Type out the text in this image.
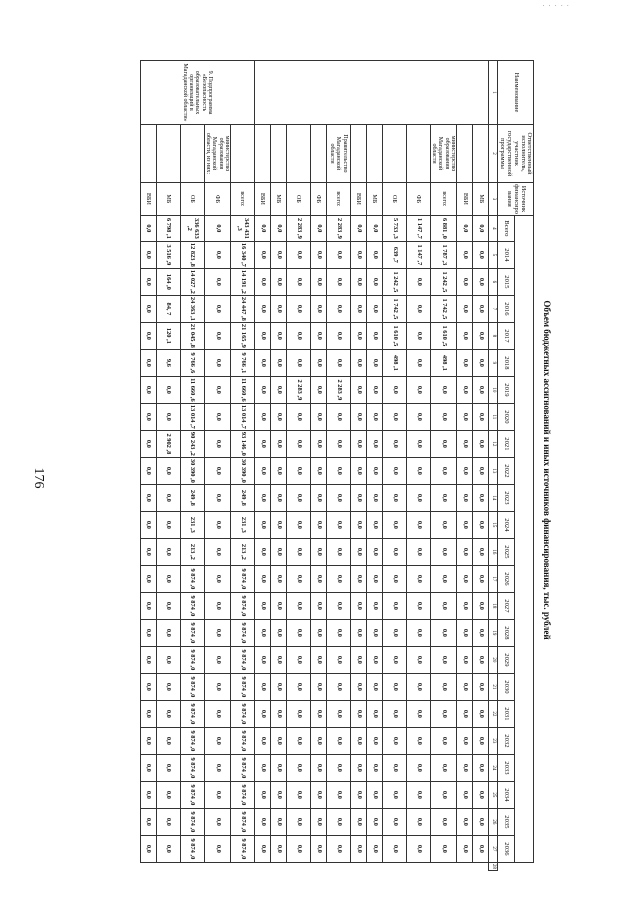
· · · · ·
176	Объем бюджетных ассигнований и иных источников финансирования, тыс. рублей
Наименование	Ответственный исполнитель, участник государственной программы	Источник финансиро вания																									
			Всего	2014	2015	2016	2017	2018	2019	2020	2021	2022	2023	2024	2025	2026	2027	2028	2029	2030	2031	2032	2033	2034	2035	2036	
1	2	3	4	5	6	7	8	9	10	11	12	13	14	15	16	17	18	19	20	21	22	23	24	25	26	27	28
		МБ	0,0	0,0	0,0	0,0	0,0	0,0	0,0	0,0	0,0	0,0	0,0	0,0	0,0	0,0	0,0	0,0	0,0	0,0	0,0	0,0	0,0	0,0	0,0	0,0	
		ВБИ	0,0	0,0	0,0	0,0	0,0	0,0	0,0	0,0	0,0	0,0	0,0	0,0	0,0	0,0	0,0	0,0	0,0	0,0	0,0	0,0	0,0	0,0	0,0	0,0	
	министерство образования Магаданской области	всего:	6 881 ,0	1 787 ,3	1 242 ,5	1 742 ,5	1 610 ,5	498 ,1	0,0	0,0	0,0	0,0	0,0	0,0	0,0	0,0	0,0	0,0	0,0	0,0	0,0	0,0	0,0	0,0	0,0	0,0	
		ФБ	1 147 ,7	1 147 ,7	0,0	0,0	0,0	0,0	0,0	0,0	0,0	0,0	0,0	0,0	0,0	0,0	0,0	0,0	0,0	0,0	0,0	0,0	0,0	0,0	0,0	0,0	
		ОБ	5 733 ,3	639 ,7	1 242 ,5	1 742 ,5	1 610 ,5	498 ,1	0,0	0,0	0,0	0,0	0,0	0,0	0,0	0,0	0,0	0,0	0,0	0,0	0,0	0,0	0,0	0,0	0,0	0,0	
		МБ	0,0	0,0	0,0	0,0	0,0	0,0	0,0	0,0	0,0	0,0	0,0	0,0	0,0	0,0	0,0	0,0	0,0	0,0	0,0	0,0	0,0	0,0	0,0	0,0	
		ВБИ	0,0	0,0	0,0	0,0	0,0	0,0	0,0	0,0	0,0	0,0	0,0	0,0	0,0	0,0	0,0	0,0	0,0	0,0	0,0	0,0	0,0	0,0	0,0	0,0	
	Правительство Магаданской области	всего:	2 283 ,9	0,0	0,0	0,0	0,0	0,0	2 283 ,9	0,0	0,0	0,0	0,0	0,0	0,0	0,0	0,0	0,0	0,0	0,0	0,0	0,0	0,0	0,0	0,0	0,0	
		ФБ	0,0	0,0	0,0	0,0	0,0	0,0	0,0	0,0	0,0	0,0	0,0	0,0	0,0	0,0	0,0	0,0	0,0	0,0	0,0	0,0	0,0	0,0	0,0	0,0	
		ОБ	2 283 ,9	0,0	0,0	0,0	0,0	0,0	2 283 ,9	0,0	0,0	0,0	0,0	0,0	0,0	0,0	0,0	0,0	0,0	0,0	0,0	0,0	0,0	0,0	0,0	0,0	
		МБ	0,0	0,0	0,0	0,0	0,0	0,0	0,0	0,0	0,0	0,0	0,0	0,0	0,0	0,0	0,0	0,0	0,0	0,0	0,0	0,0	0,0	0,0	0,0	0,0	
		ВБИ	0,0	0,0	0,0	0,0	0,0	0,0	0,0	0,0	0,0	0,0	0,0	0,0	0,0	0,0	0,0	0,0	0,0	0,0	0,0	0,0	0,0	0,0	0,0	0,0	
9. Подпрограмма «Безопасность образовательных организаций в Магаданской области»		всего:	343 431 ,3	16 340 ,7	14 191 ,2	24 447 ,8	21 165 ,9	9 766 ,1	11 660 ,6	13 014 ,7	93 146 ,0	30 390 ,0	249 ,8	231 ,3	213 ,2	9 874 ,0	9 874 ,0	9 874 ,0	9 874 ,0	9 874 ,0	9 874 ,0	9 874 ,0	9 874 ,0	9 874 ,0	9 874 ,0	9 874 ,0	
	министерство образования Магаданской области, из них:	ФБ	0,0	0,0	0,0	0,0	0,0	0,0	0,0	0,0	0,0	0,0	0,0	0,0	0,0	0,0	0,0	0,0	0,0	0,0	0,0	0,0	0,0	0,0	0,0	0,0	
		ОБ	336 633 ,2	12 823 ,8	14 027 ,2	24 363 ,1	21 045 ,8	9 766 ,6	11 660 ,6	13 014 ,7	90 243 ,2	30 390 ,0	249 ,8	231 ,3	213 ,2	9 874 ,0	9 874 ,0	9 874 ,0	9 874 ,0	9 874 ,0	9 874 ,0	9 874 ,0	9 874 ,0	9 874 ,0	9 874 ,0	9 874 ,0	
		МБ	6 798 ,1	3 516 ,9	164 ,0	84, 7	120 ,1	9,6	0,0	0,0	2 902 ,8	0,0	0,0	0,0	0,0	0,0	0,0	0,0	0,0	0,0	0,0	0,0	0,0	0,0	0,0	0,0	
		ВБИ	0,0	0,0	0,0	0,0	0,0	0,0	0,0	0,0	0,0	0,0	0,0	0,0	0,0	0,0	0,0	0,0	0,0	0,0	0,0	0,0	0,0	0,0	0,0	0,0	
